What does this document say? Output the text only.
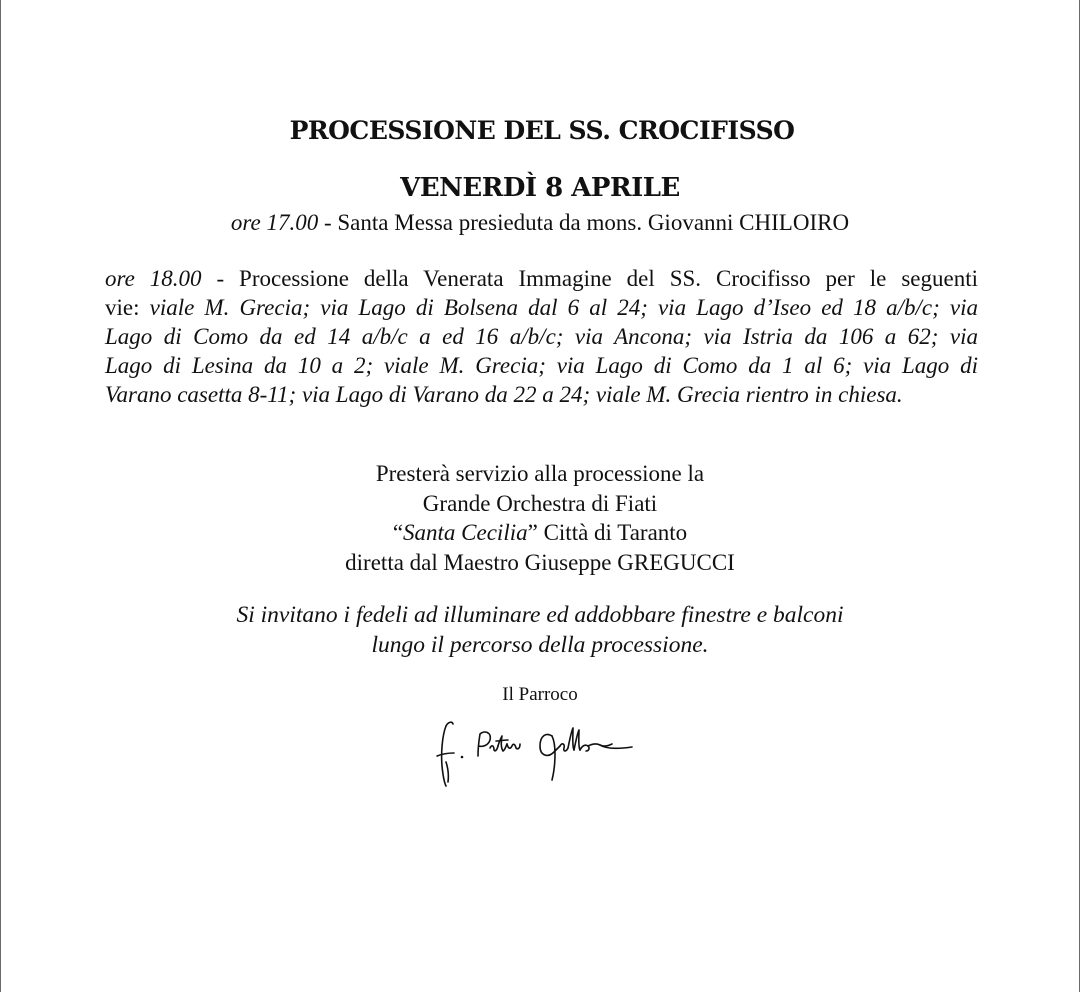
PROCESSIONE DEL SS. CROCIFISSO
VENERDÌ 8 APRILE
ore 17.00 - Santa Messa presieduta da mons. Giovanni CHILOIRO
ore 18.00 - Processione della Venerata Immagine del SS. Crocifisso per le seguenti
vie: viale M. Grecia; via Lago di Bolsena dal 6 al 24; via Lago d’Iseo ed 18 a/b/c; via
Lago di Como da ed 14 a/b/c a ed 16 a/b/c; via Ancona; via Istria da 106 a 62; via
Lago di Lesina da 10 a 2; viale M. Grecia; via Lago di Como da 1 al 6; via Lago di
Varano casetta 8-11; via Lago di Varano da 22 a 24; viale M. Grecia rientro in chiesa.
Presterà servizio alla processione la
Grande Orchestra di Fiati
“Santa Cecilia” Città di Taranto
diretta dal Maestro Giuseppe GREGUCCI
Si invitano i fedeli ad illuminare ed addobbare finestre e balconi
lungo il percorso della processione.
Il Parroco
